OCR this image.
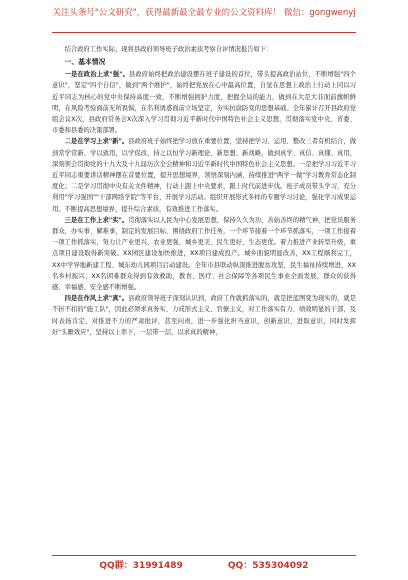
关注头条号"公文研究"，获得最新最全最专业的公文资料库！ 微信：gongwenyj

结合政府工作实际，现将县政府领导班子政治素质考察自评情况报告如下：

一、基本情况

一是在政治上求"强"。县政府始终把政治建设摆在班子建设的首位，带头提高政治站位，不断增强"四个意识"，坚定"四个自信"，做到"两个维护"，始终把党放在心中最高位置，自觉在思想上政治上行动上同以习近平同志为核心的党中央保持高度一致，不断增强拥护力度，把握全局的能力，做到在大是大非面前旗帜鲜明，在风险考验面前无所畏惧，在名利诱惑面前立场坚定，夯实抗腐防变的思想基础。全年累计召开县政府党组会议X次，县政府常务会X次深入学习贯彻习近平新时代中国特色社会主义思想，贯彻落实党中央、省委、市委和县委的决策部署。

二是在学习上求"新"。县政府班子始终把学习放在重要位置，坚持把学习、运用、整改三者有机结合，做到常学常新、学以致用，以学促改、持之以恒学习新理论、新思想、新战略，做到真学、真信、真懂、真用，深刻领会贯彻党的十九大及十九届历次全会精神和习近平新时代中国特色社会主义思想。一是把学习习近平习近平同志重要讲话精神摆在首要位置，提升思想境界，领悟深刻内涵，持续推进"两学一做"学习教育常态化制度化；二是学习贯彻中央有关文件精神，行动上跟上中央要求，跟上时代前进步伐。班子成员带头学习，充分利用"学习强国""干部网络学院"等平台，开展学习活动。组织开展形式多样的专题学习讨论，强化学习成果运用。不断提高思想境界，提升综合素质，有效推进工作落实。

三是在工作上求"实"。贯彻落实以人民为中心发展思想，保持久久为功、善始善终的精气神，把党员服务群众，办实事、解难事，制定的发展目标，围绕政府工作任务，一个环节接着一个环节抓落实，一项工作接着一项工作抓落实，努力让产业更兴、农业更强、城乡更美、民生更好、生态更优。着力推进产业转型升级，重点项目建设取得新突破。XX园区建设加快推进，XX项目建成投产。城乡面貌明显改善，XX工程顺利完工，XX中学异地新建工程、城东幼儿园项目启动建设。全年市县联动纵深推进脱贫攻坚，民生福祉持续增进，XX名乡村振兴、XX名困难群众得到有效救助，教育、医疗、社会保障等各项民生事业全面发展，群众的获得感、幸福感、安全感不断增强。

四是在作风上求"真"。县政府领导班子深刻认识到，政府工作就抓落实的，就是把蓝图变为现实的，就是不折不扣的"施工队"，因此必须求真务实、力戒形式主义、官僚主义，对工作落实有力、绩效明显的干部，及时表扬肯定，对推进不力的严肃批评，甚至问责，进一步强化担当意识、创新意识、进取意识，同时发挥好"头雁效应"，坚持以上率下，一层带一层，以求真的精神，

QQ群：31991489	QQ：535304092
